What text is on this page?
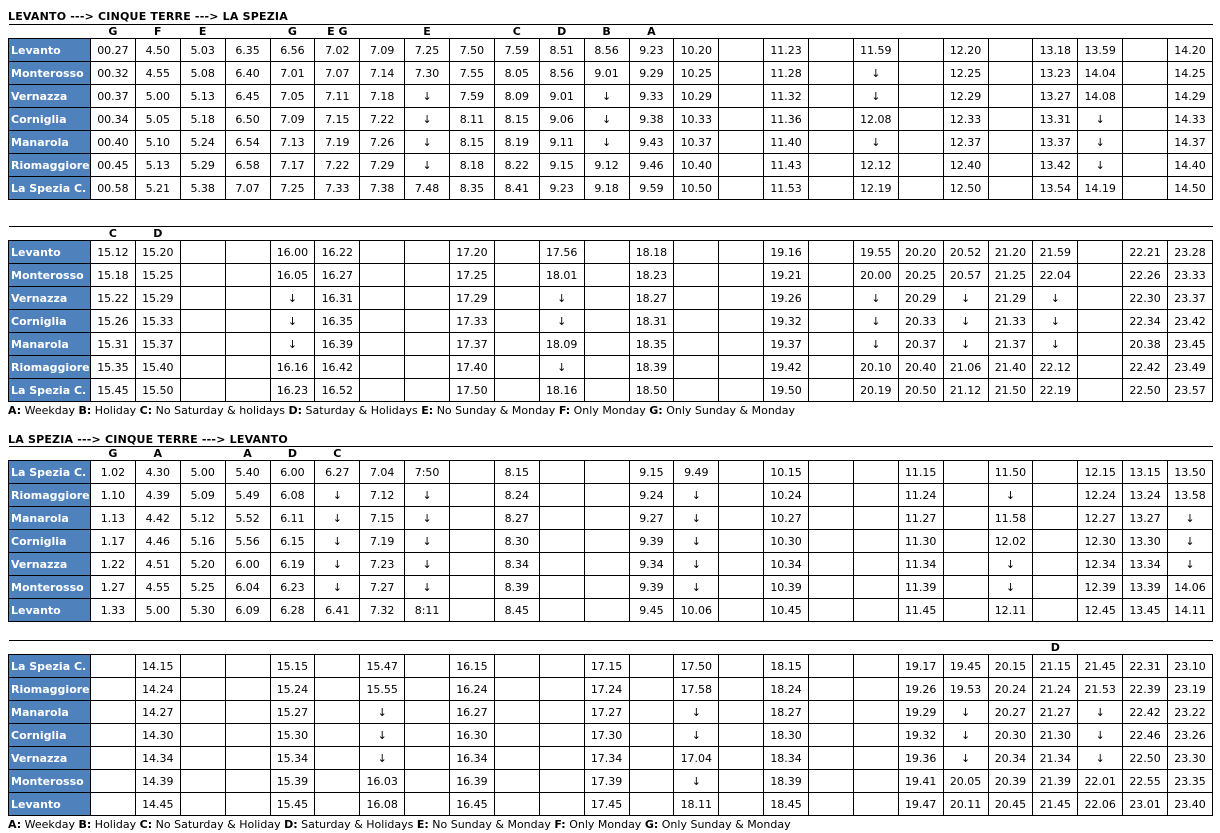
LEVANTO ---> CINQUE TERRE ---> LA SPEZIA
	G	F	E		G	E G		E		C	D	B	A												
Levanto	00.27	4.50	5.03	6.35	6.56	7.02	7.09	7.25	7.50	7.59	8.51	8.56	9.23	10.20		11.23		11.59		12.20		13.18	13.59		14.20
Monterosso	00.32	4.55	5.08	6.40	7.01	7.07	7.14	7.30	7.55	8.05	8.56	9.01	9.29	10.25		11.28		↓		12.25		13.23	14.04		14.25
Vernazza	00.37	5.00	5.13	6.45	7.05	7.11	7.18	↓	7.59	8.09	9.01	↓	9.33	10.29		11.32		↓		12.29		13.27	14.08		14.29
Corniglia	00.34	5.05	5.18	6.50	7.09	7.15	7.22	↓	8.11	8.15	9.06	↓	9.38	10.33		11.36		12.08		12.33		13.31	↓		14.33
Manarola	00.40	5.10	5.24	6.54	7.13	7.19	7.26	↓	8.15	8.19	9.11	↓	9.43	10.37		11.40		↓		12.37		13.37	↓		14.37
Riomaggiore	00.45	5.13	5.29	6.58	7.17	7.22	7.29	↓	8.18	8.22	9.15	9.12	9.46	10.40		11.43		12.12		12.40		13.42	↓		14.40
La Spezia C.	00.58	5.21	5.38	7.07	7.25	7.33	7.38	7.48	8.35	8.41	9.23	9.18	9.59	10.50		11.53		12.19		12.50		13.54	14.19		14.50
	C	D																							
Levanto	15.12	15.20			16.00	16.22			17.20		17.56		18.18			19.16		19.55	20.20	20.52	21.20	21.59		22.21	23.28
Monterosso	15.18	15.25			16.05	16.27			17.25		18.01		18.23			19.21		20.00	20.25	20.57	21.25	22.04		22.26	23.33
Vernazza	15.22	15.29			↓	16.31			17.29		↓		18.27			19.26		↓	20.29	↓	21.29	↓		22.30	23.37
Corniglia	15.26	15.33			↓	16.35			17.33		↓		18.31			19.32		↓	20.33	↓	21.33	↓		22.34	23.42
Manarola	15.31	15.37			↓	16.39			17.37		18.09		18.35			19.37		↓	20.37	↓	21.37	↓		20.38	23.45
Riomaggiore	15.35	15.40			16.16	16.42			17.40		↓		18.39			19.42		20.10	20.40	21.06	21.40	22.12		22.42	23.49
La Spezia C.	15.45	15.50			16.23	16.52			17.50		18.16		18.50			19.50		20.19	20.50	21.12	21.50	22.19		22.50	23.57
A: Weekday B: Holiday C: No Saturday & holidays D: Saturday & Holidays E: No Sunday & Monday F: Only Monday G: Only Sunday & Monday
LA SPEZIA ---> CINQUE TERRE ---> LEVANTO
	G	A		A	D	C																			
La Spezia C.	1.02	4.30	5.00	5.40	6.00	6.27	7.04	7:50		8.15			9.15	9.49		10.15			11.15		11.50		12.15	13.15	13.50
Riomaggiore	1.10	4.39	5.09	5.49	6.08	↓	7.12	↓		8.24			9.24	↓		10.24			11.24		↓		12.24	13.24	13.58
Manarola	1.13	4.42	5.12	5.52	6.11	↓	7.15	↓		8.27			9.27	↓		10.27			11.27		11.58		12.27	13.27	↓
Corniglia	1.17	4.46	5.16	5.56	6.15	↓	7.19	↓		8.30			9.39	↓		10.30			11.30		12.02		12.30	13.30	↓
Vernazza	1.22	4.51	5.20	6.00	6.19	↓	7.23	↓		8.34			9.34	↓		10.34			11.34		↓		12.34	13.34	↓
Monterosso	1.27	4.55	5.25	6.04	6.23	↓	7.27	↓		8.39			9.39	↓		10.39			11.39		↓		12.39	13.39	14.06
Levanto	1.33	5.00	5.30	6.09	6.28	6.41	7.32	8:11		8.45			9.45	10.06		10.45			11.45		12.11		12.45	13.45	14.11
																						D			
La Spezia C.		14.15			15.15		15.47		16.15			17.15		17.50		18.15			19.17	19.45	20.15	21.15	21.45	22.31	23.10
Riomaggiore		14.24			15.24		15.55		16.24			17.24		17.58		18.24			19.26	19.53	20.24	21.24	21.53	22.39	23.19
Manarola		14.27			15.27		↓		16.27			17.27		↓		18.27			19.29	↓	20.27	21.27	↓	22.42	23.22
Corniglia		14.30			15.30		↓		16.30			17.30		↓		18.30			19.32	↓	20.30	21.30	↓	22.46	23.26
Vernazza		14.34			15.34		↓		16.34			17.34		17.04		18.34			19.36	↓	20.34	21.34	↓	22.50	23.30
Monterosso		14.39			15.39		16.03		16.39			17.39		↓		18.39			19.41	20.05	20.39	21.39	22.01	22.55	23.35
Levanto		14.45			15.45		16.08		16.45			17.45		18.11		18.45			19.47	20.11	20.45	21.45	22.06	23.01	23.40
A: Weekday B: Holiday C: No Saturday & Holiday D: Saturday & Holidays E: No Sunday & Monday F: Only Monday G: Only Sunday & Monday
